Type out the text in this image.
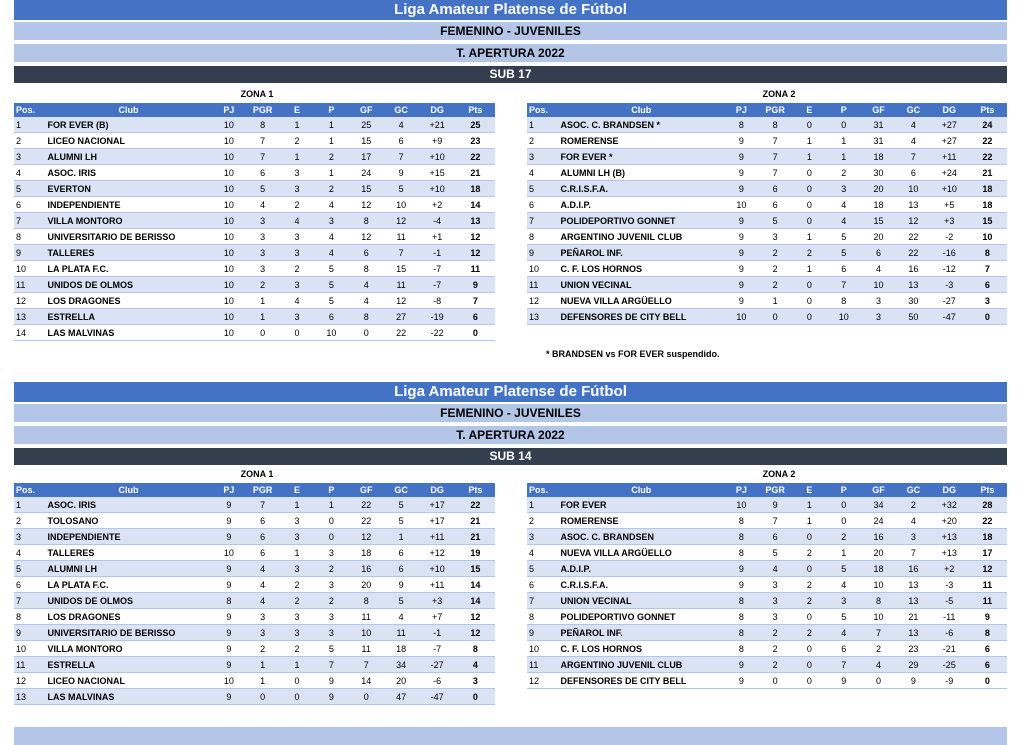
Liga Amateur Platense de Fútbol
FEMENINO - JUVENILES
T. APERTURA 2022
SUB 17
ZONA 1	ZONA 2
Pos.	Club	PJ	PGR	E	P	GF	GC	DG	Pts
1	FOR EVER (B)	10	8	1	1	25	4	+21	25
2	LICEO NACIONAL	10	7	2	1	15	6	+9	23
3	ALUMNI LH	10	7	1	2	17	7	+10	22
4	ASOC. IRIS	10	6	3	1	24	9	+15	21
5	EVERTON	10	5	3	2	15	5	+10	18
6	INDEPENDIENTE	10	4	2	4	12	10	+2	14
7	VILLA MONTORO	10	3	4	3	8	12	-4	13
8	UNIVERSITARIO DE BERISSO	10	3	3	4	12	11	+1	12
9	TALLERES	10	3	3	4	6	7	-1	12
10	LA PLATA F.C.	10	3	2	5	8	15	-7	11
11	UNIDOS DE OLMOS	10	2	3	5	4	11	-7	9
12	LOS DRAGONES	10	1	4	5	4	12	-8	7
13	ESTRELLA	10	1	3	6	8	27	-19	6
14	LAS MALVINAS	10	0	0	10	0	22	-22	0
Pos.	Club	PJ	PGR	E	P	GF	GC	DG	Pts
1	ASOC. C. BRANDSEN *	8	8	0	0	31	4	+27	24
2	ROMERENSE	9	7	1	1	31	4	+27	22
3	FOR EVER *	9	7	1	1	18	7	+11	22
4	ALUMNI LH (B)	9	7	0	2	30	6	+24	21
5	C.R.I.S.F.A.	9	6	0	3	20	10	+10	18
6	A.D.I.P.	10	6	0	4	18	13	+5	18
7	POLIDEPORTIVO GONNET	9	5	0	4	15	12	+3	15
8	ARGENTINO JUVENIL CLUB	9	3	1	5	20	22	-2	10
9	PEÑAROL INF.	9	2	2	5	6	22	-16	8
10	C. F. LOS HORNOS	9	2	1	6	4	16	-12	7
11	UNION VECINAL	9	2	0	7	10	13	-3	6
12	NUEVA VILLA ARGÜELLO	9	1	0	8	3	30	-27	3
13	DEFENSORES DE CITY BELL	10	0	0	10	3	50	-47	0
* BRANDSEN vs FOR EVER suspendido.
Liga Amateur Platense de Fútbol
FEMENINO - JUVENILES
T. APERTURA 2022
SUB 14
ZONA 1	ZONA 2
Pos.	Club	PJ	PGR	E	P	GF	GC	DG	Pts
1	ASOC. IRIS	9	7	1	1	22	5	+17	22
2	TOLOSANO	9	6	3	0	22	5	+17	21
3	INDEPENDIENTE	9	6	3	0	12	1	+11	21
4	TALLERES	10	6	1	3	18	6	+12	19
5	ALUMNI LH	9	4	3	2	16	6	+10	15
6	LA PLATA F.C.	9	4	2	3	20	9	+11	14
7	UNIDOS DE OLMOS	8	4	2	2	8	5	+3	14
8	LOS DRAGONES	9	3	3	3	11	4	+7	12
9	UNIVERSITARIO DE BERISSO	9	3	3	3	10	11	-1	12
10	VILLA MONTORO	9	2	2	5	11	18	-7	8
11	ESTRELLA	9	1	1	7	7	34	-27	4
12	LICEO NACIONAL	10	1	0	9	14	20	-6	3
13	LAS MALVINAS	9	0	0	9	0	47	-47	0
Pos.	Club	PJ	PGR	E	P	GF	GC	DG	Pts
1	FOR EVER	10	9	1	0	34	2	+32	28
2	ROMERENSE	8	7	1	0	24	4	+20	22
3	ASOC. C. BRANDSEN	8	6	0	2	16	3	+13	18
4	NUEVA VILLA ARGÜELLO	8	5	2	1	20	7	+13	17
5	A.D.I.P.	9	4	0	5	18	16	+2	12
6	C.R.I.S.F.A.	9	3	2	4	10	13	-3	11
7	UNION VECINAL	8	3	2	3	8	13	-5	11
8	POLIDEPORTIVO GONNET	8	3	0	5	10	21	-11	9
9	PEÑAROL INF.	8	2	2	4	7	13	-6	8
10	C. F. LOS HORNOS	8	2	0	6	2	23	-21	6
11	ARGENTINO JUVENIL CLUB	9	2	0	7	4	29	-25	6
12	DEFENSORES DE CITY BELL	9	0	0	9	0	9	-9	0
